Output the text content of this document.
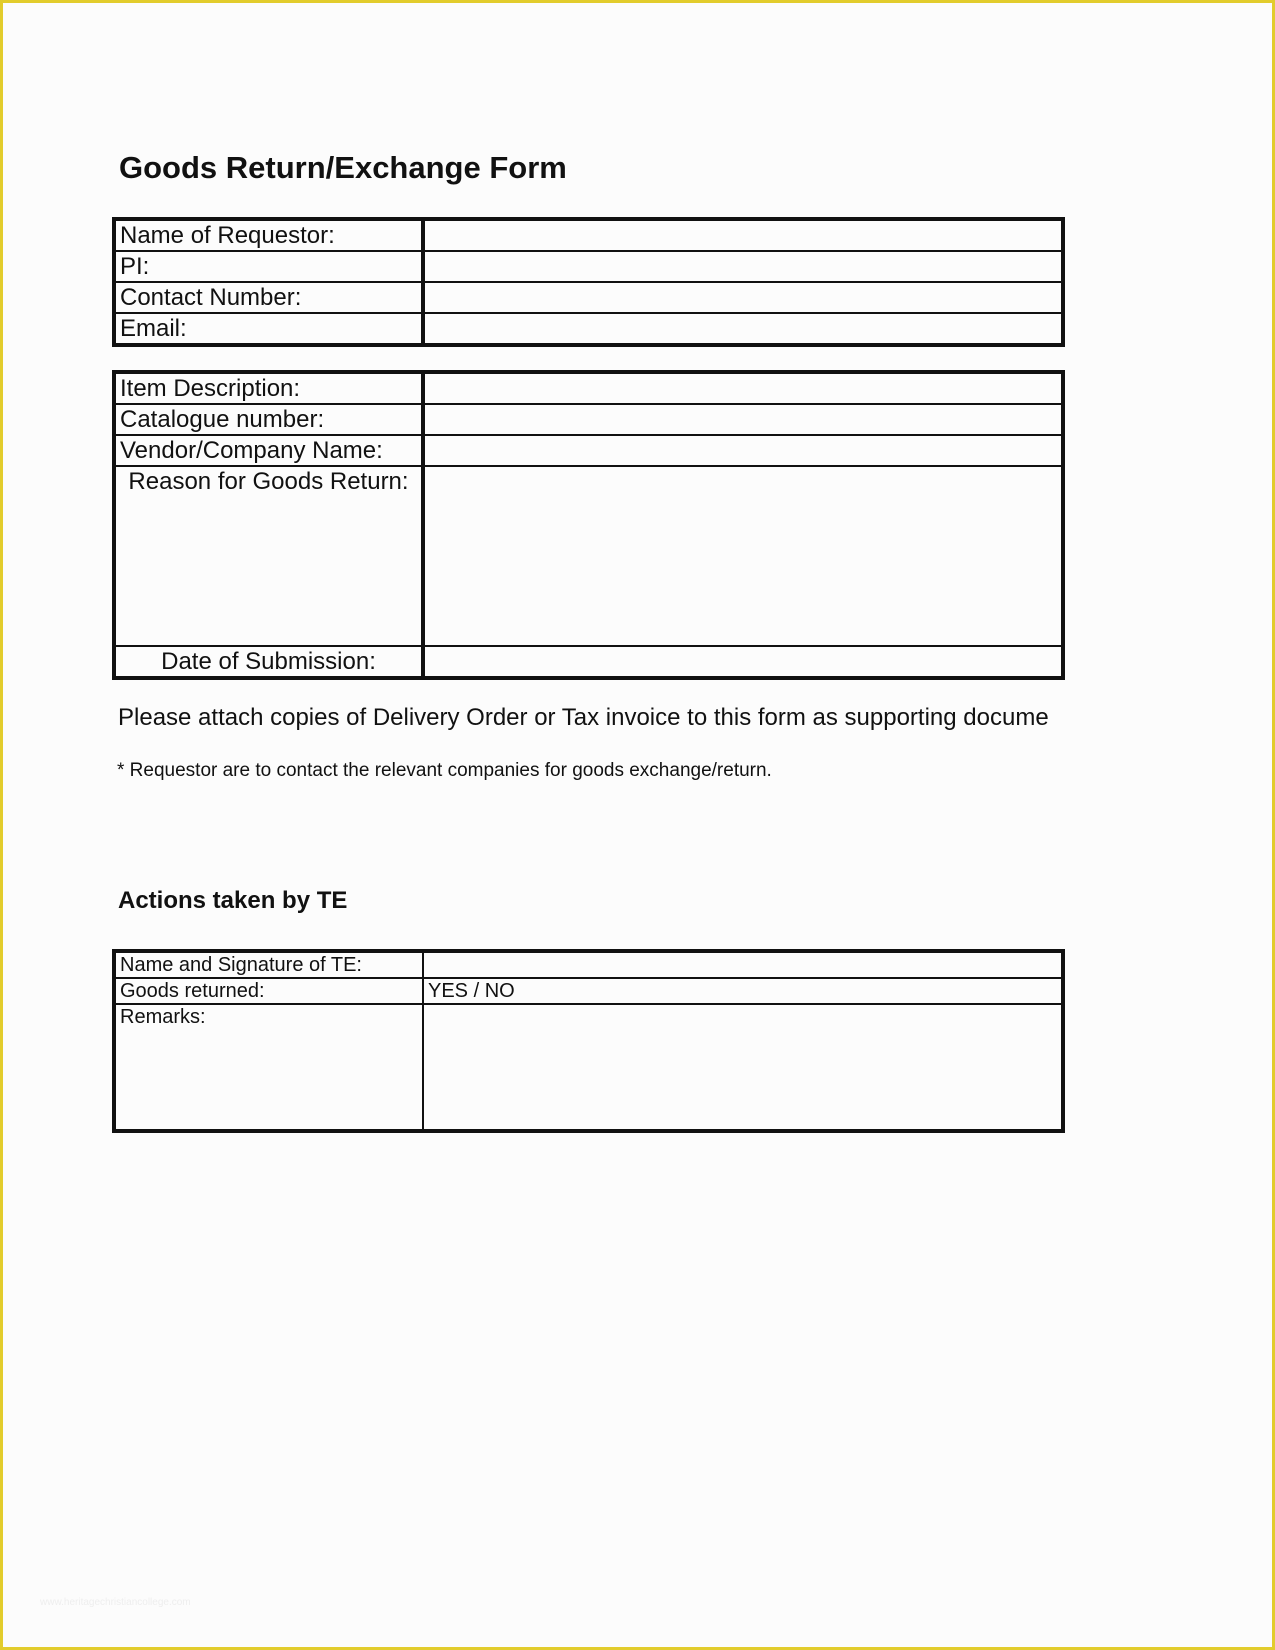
Goods Return/Exchange Form
Name of Requestor:	
PI:	
Contact Number:	
Email:	
Item Description:	
Catalogue number:	
Vendor/Company Name:	
Reason for Goods Return:	
Date of Submission:	
Please attach copies of Delivery Order or Tax invoice to this form as supporting docume
* Requestor are to contact the relevant companies for goods exchange/return.
Actions taken by TE
Name and Signature of TE:	
Goods returned:	YES / NO
Remarks:	
www.heritagechristiancollege.com
